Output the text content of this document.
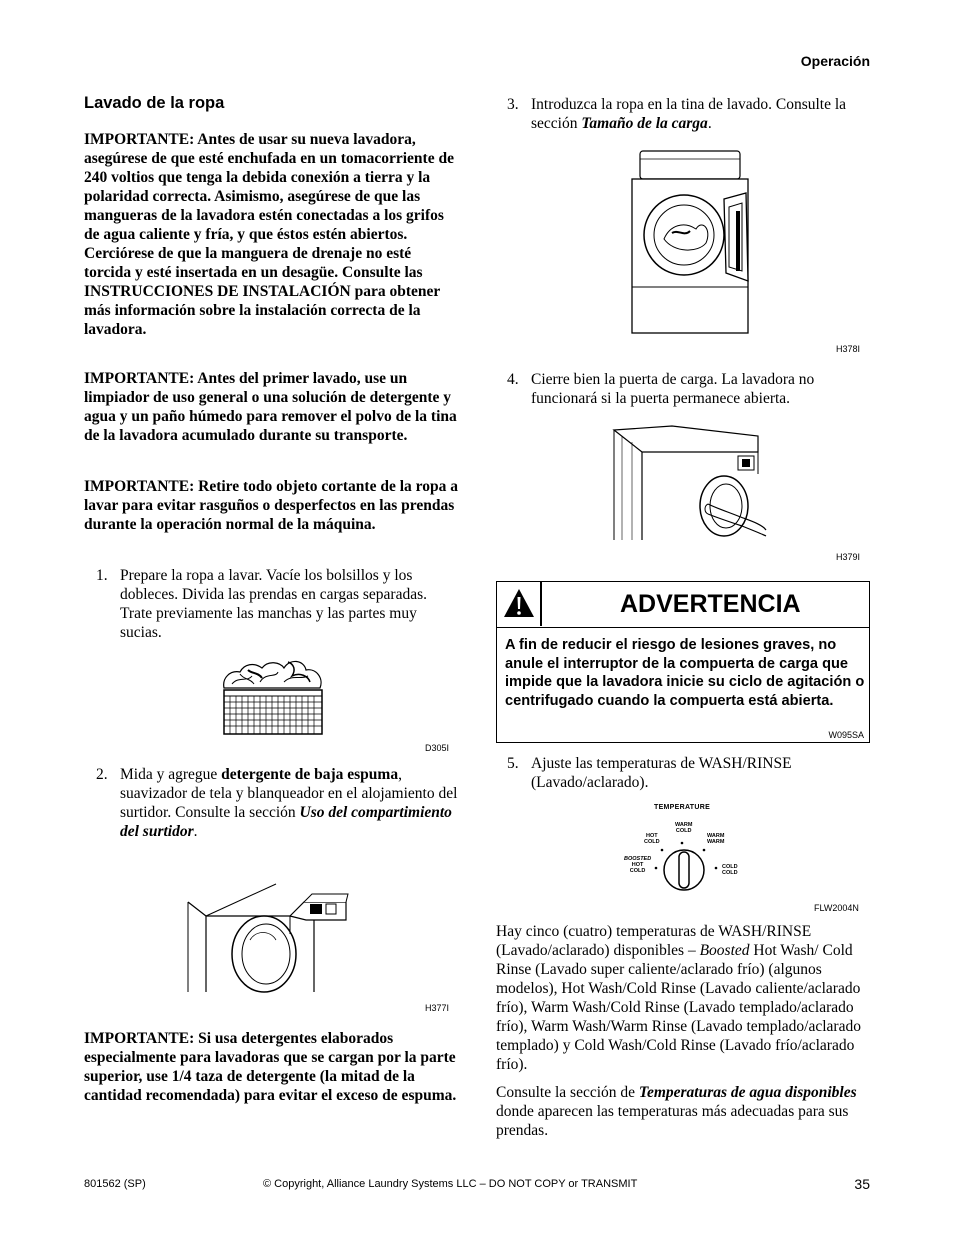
Operación
Lavado de la ropa

IMPORTANTE: Antes de usar su nueva lavadora, asegúrese de que esté enchufada en un tomacorriente de 240 voltios que tenga la debida conexión a tierra y la polaridad correcta. Asimismo, asegúrese de que las mangueras de la lavadora estén conectadas a los grifos de agua caliente y fría, y que éstos estén abiertos. Cerciórese de que la manguera de drenaje no esté torcida y esté insertada en un desagüe. Consulte las INSTRUCCIONES DE INSTALACIÓN para obtener más información sobre la instalación correcta de la lavadora.

IMPORTANTE: Antes del primer lavado, use un limpiador de uso general o una solución de detergente y agua y un paño húmedo para remover el polvo de la tina de la lavadora acumulado durante su transporte.

IMPORTANTE: Retire todo objeto cortante de la ropa a lavar para evitar rasguños o desperfectos en las prendas durante la operación normal de la máquina.

1. Prepare la ropa a lavar. Vacíe los bolsillos y los dobleces. Divida las prendas en cargas separadas. Trate previamente las manchas y las partes muy sucias.
D305I
2. Mida y agregue detergente de baja espuma, suavizador de tela y blanqueador en el alojamiento del surtidor. Consulte la sección Uso del compartimiento del surtidor.
H377I

IMPORTANTE: Si usa detergentes elaborados especialmente para lavadoras que se cargan por la parte superior, use 1/4 taza de detergente (la mitad de la cantidad recomendada) para evitar el exceso de espuma.

3. Introduzca la ropa en la tina de lavado. Consulte la sección Tamaño de la carga.
H378I
4. Cierre bien la puerta de carga. La lavadora no funcionará si la puerta permanece abierta.
H379I
ADVERTENCIA

A fin de reducir el riesgo de lesiones graves, no anule el interruptor de la compuerta de carga que impide que la lavadora inicie su ciclo de agitación o centrifugado cuando la compuerta está abierta.

W095SA
5. Ajuste las temperaturas de WASH/RINSE (Lavado/aclarado).
TEMPERATURE
HOT
COLD
WARM
COLD
WARM
WARM
BOOSTED
HOT
COLD
COLD
COLD
FLW2004N

Hay cinco (cuatro) temperaturas de WASH/RINSE (Lavado/aclarado) disponibles – Boosted Hot Wash/ Cold Rinse (Lavado super caliente/aclarado frío) (algunos modelos), Hot Wash/Cold Rinse (Lavado caliente/aclarado frío), Warm Wash/Cold Rinse (Lavado templado/aclarado frío), Warm Wash/Warm Rinse (Lavado templado/aclarado templado) y Cold Wash/Cold Rinse (Lavado frío/aclarado frío).

Consulte la sección de Temperaturas de agua disponibles donde aparecen las temperaturas más adecuadas para sus prendas.

801562 (SP)	© Copyright, Alliance Laundry Systems LLC – DO NOT COPY or TRANSMIT	35
